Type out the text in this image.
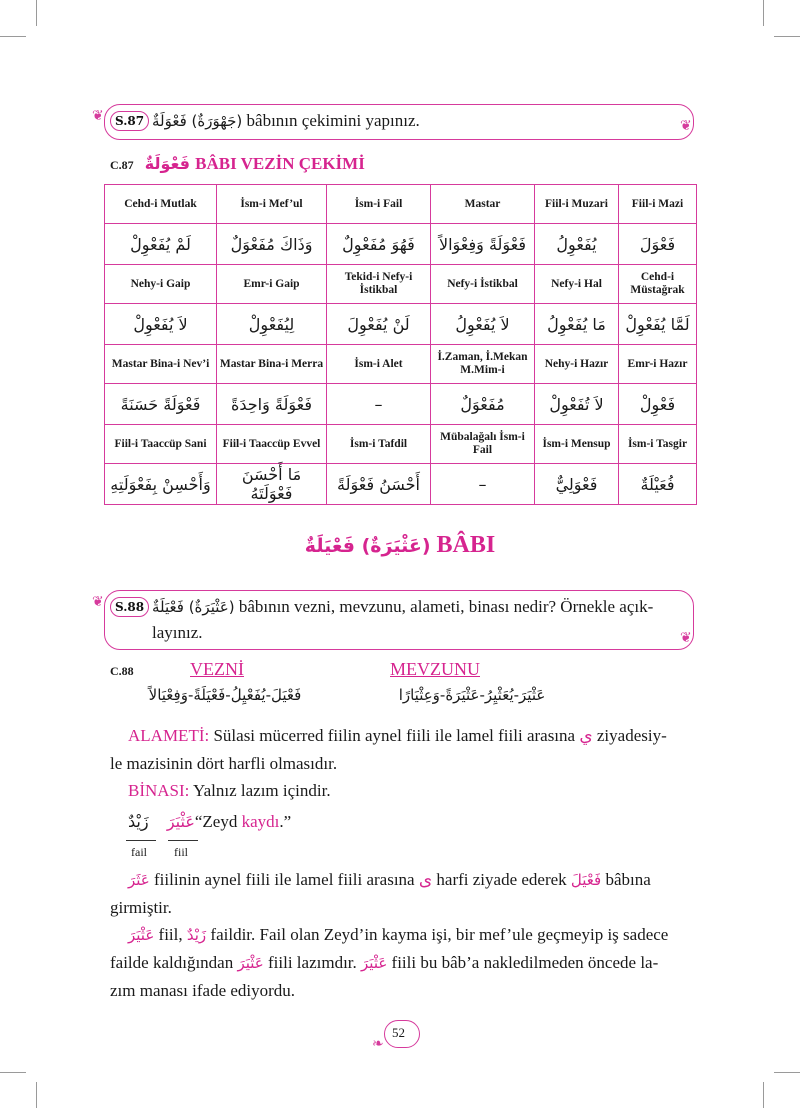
❦
❦
S.87 (جَهْوَرَةٌ) فَعْوَلَةٌ bâbının çekimini yapınız.
C.87 فَعْوَلَةٌ BÂBI VEZİN ÇEKİMİ
Cehd-i Mutlak	İsm-i Mef’ul	İsm-i Fail	Mastar	Fiil-i Muzari	Fiil-i Mazi
لَمْ يُفَعْوِلْ	وَذَاكَ مُفَعْوَلٌ	فَهُوَ مُفَعْوِلٌ	فَعْوَلَةً وَفِعْوَالاً	يُفَعْوِلُ	فَعْوَلَ
Nehy-i Gaip	Emr-i Gaip	Tekid-i Nefy-i İstikbal	Nefy-i İstikbal	Nefy-i Hal	Cehd-i Müstağrak
لاَ يُفَعْوِلْ	لِيُفَعْوِلْ	لَنْ يُفَعْوِلَ	لاَ يُفَعْوِلُ	مَا يُفَعْوِلُ	لَمَّا يُفَعْوِلْ
Mastar Bina-i Nev’i	Mastar Bina-i Merra	İsm-i Alet	İ.Zaman, İ.Mekan M.Mim-i	Nehy-i Hazır	Emr-i Hazır
فَعْوَلَةً حَسَنَةً	فَعْوَلَةً وَاحِدَةً	–	مُفَعْوَلٌ	لاَ تُفَعْوِلْ	فَعْوِلْ
Fiil-i Taaccüp Sani	Fiil-i Taaccüp Evvel	İsm-i Tafdil	Mübalağalı İsm-i Fail	İsm-i Mensup	İsm-i Tasgir
وَأَحْسِنْ بِفَعْوَلَتِهِ	مَا أَحْسَنَ فَعْوَلَتَهُ	أَحْسَنُ فَعْوَلَةً	–	فَعْوَلِيٌّ	فُعَيْلَةٌ
(عَثْيَرَةٌ) فَعْيَلَةٌ BÂBI
❦
❦
S.88 (عَثْيَرَةٌ) فَعْيَلَةٌ bâbının vezni, mevzunu, alameti, binası nedir? Örnekle açık-
layınız.
C.88	VEZNİ	MEVZUNU
فَعْيَلَ-يُفَعْيِلُ-فَعْيَلَةً-وَفِعْيَالاً	عَثْيَرَ-يُعَثْيِرُ-عَثْيَرَةً-وَعِثْيَارًا
ALAMETİ: Sülasi mücerred fiilin aynel fiili ile lamel fiili arasına ي ziyadesiy-
le mazisinin dört harfli olmasıdır.
BİNASI: Yalnız lazım içindir.
زَيْدٌ عَثْيَرَ“Zeyd kaydı.”
fail fiil
عَثَرَ fiilinin aynel fiili ile lamel fiili arasına ى harfi ziyade ederek فَعْيَلَ bâbına
girmiştir.
عَثْيَرَ fiil, زَيْدٌ faildir. Fail olan Zeyd’in kayma işi, bir mef’ule geçmeyip iş sadece
failde kaldığından عَثْيَرَ fiili lazımdır. عَثْيَرَ fiili bu bâb’a nakledilmeden öncede la-
zım manası ifade ediyordu.
❧
52
